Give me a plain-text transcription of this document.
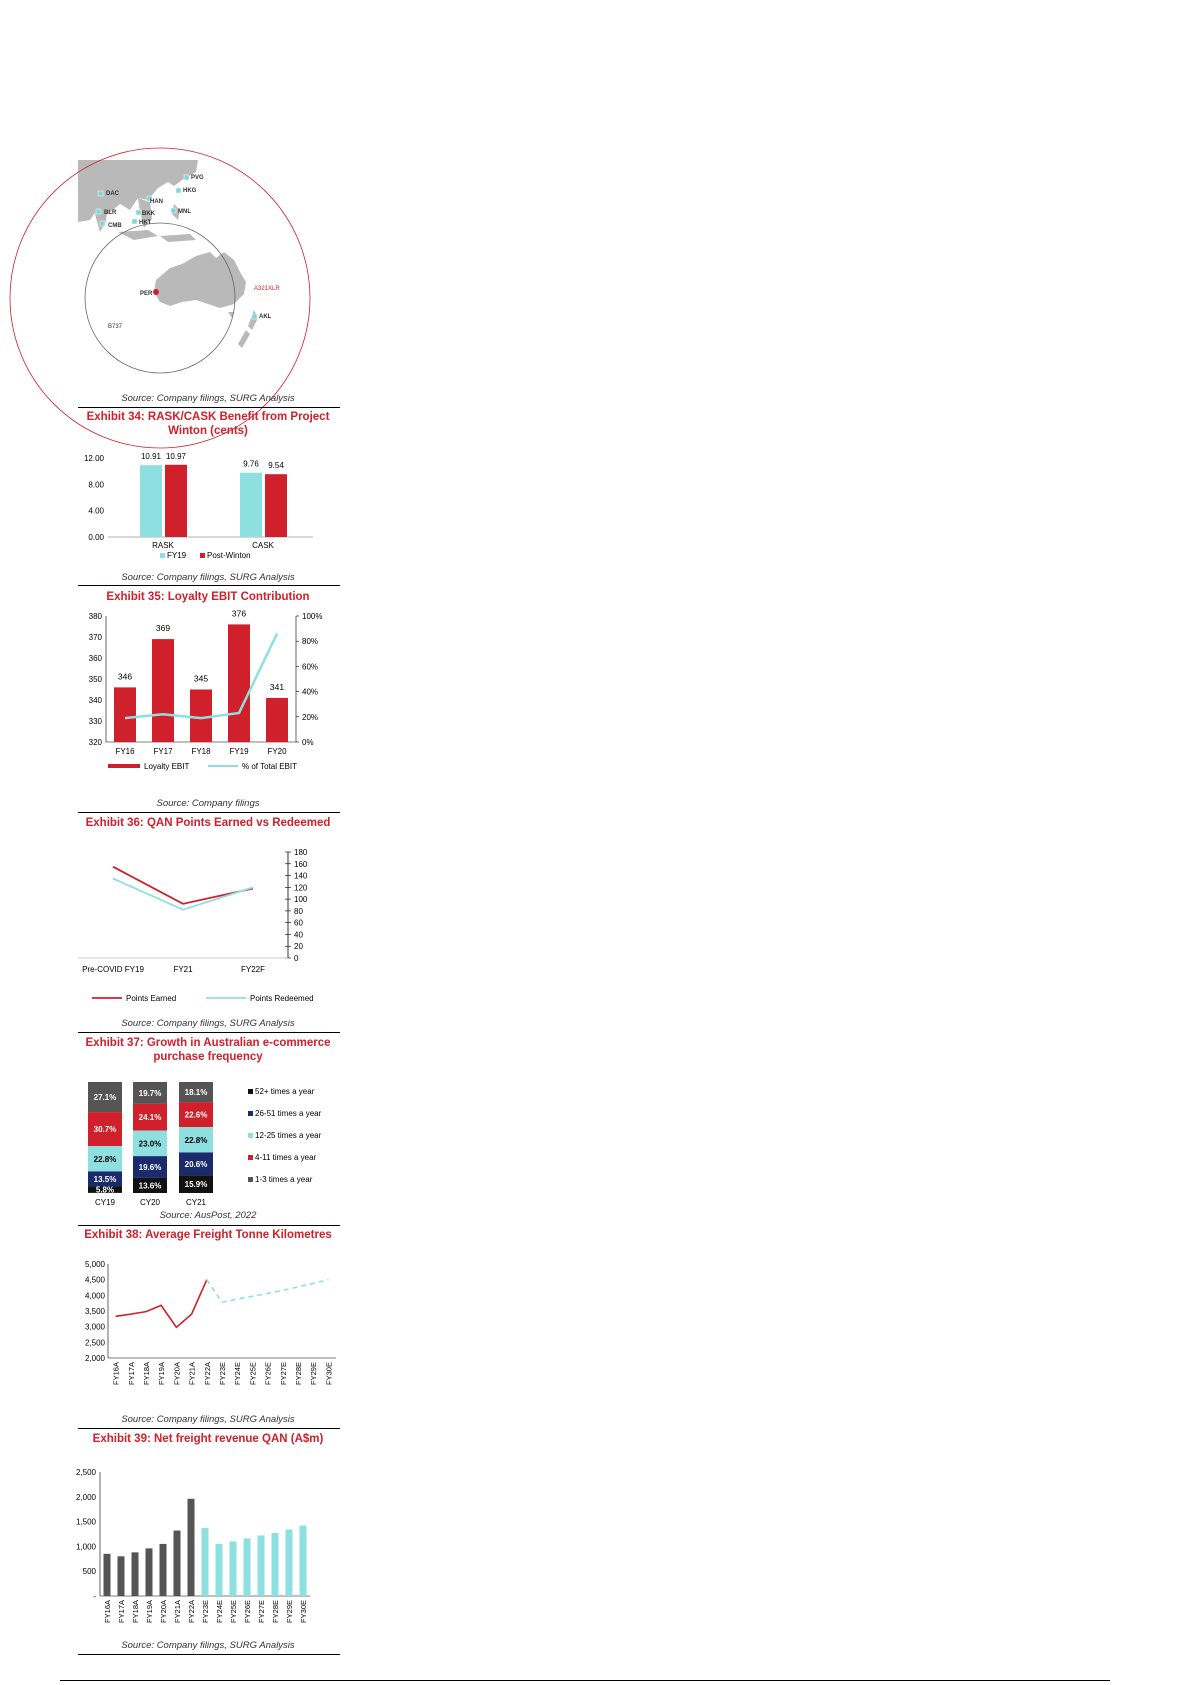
PVG
HKG
DAC
HAN
BLR	BKK	MNL
CMB	HKT
PER
A321XLR
AKL
B737
Source: Company filings, SURG Analysis
Exhibit 34: RASK/CASK Benefit from Project
Winton (cents)
12.00
8.00
4.00
0.00
10.91 10.97
RASK
9.76 9.54
CASK
FY19	Post-Winton
Source: Company filings, SURG Analysis
Exhibit 35: Loyalty EBIT Contribution
380
370
360
350
340
330
320
100%
80%
60%
40%
20%
0%
346
FY16
369
FY17
345
FY18
376
FY19
341
FY20
Loyalty EBIT	% of Total EBIT
Source: Company filings
Exhibit 36: QAN Points Earned vs Redeemed
180
160
140
120
100
80
60
40
20
0
Pre-COVID FY19	FY21	FY22F
Points Earned	Points Redeemed
Source: Company filings, SURG Analysis
Exhibit 37: Growth in Australian e-commerce
purchase frequency
27.1%
30.7%
22.8%
13.5%
5.8%
CY19
19.7%
24.1%
23.0%
19.6%
13.6%
CY20
18.1%
22.6%
22.8%
20.6%
15.9%
CY21
52+ times a year
26-51 times a year
12-25 times a year
4-11 times a year
1-3 times a year
Source: AusPost, 2022
Exhibit 38: Average Freight Tonne Kilometres
5,000
4,500
4,000
3,500
3,000
2,500
2,000
FY16A FY17A FY18A FY19A FY20A FY21A FY22A FY23E FY24E FY25E FY26E FY27E FY28E FY29E FY30E
Source: Company filings, SURG Analysis
Exhibit 39: Net freight revenue QAN (A$m)
2,500
2,000
1,500
1,000
500
-
FY16A FY17A FY18A FY19A FY20A FY21A FY22A FY23E FY24E FY25E FY26E FY27E FY28E FY29E FY30E
Source: Company filings, SURG Analysis
